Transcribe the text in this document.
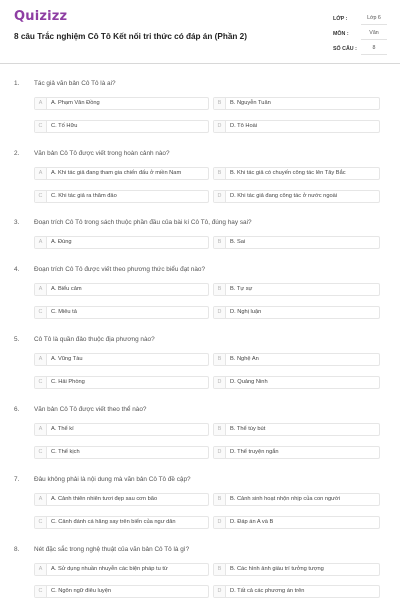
Quizizz
8 câu Trắc nghiệm Cô Tô Kết nối tri thức có đáp án (Phần 2)
LỚP :	Lớp 6
MÔN :	Văn
SỐ CÂU :	8
1. Tác giả văn bản Cô Tô là ai?
A	A. Phạm Văn Đồng	B	B. Nguyễn Tuân
C	C. Tố Hữu	D	D. Tô Hoài
2. Văn bản Cô Tô được viết trong hoàn cảnh nào?
A	A. Khi tác giả đang tham gia chiến đấu ở miền Nam	B	B. Khi tác giả có chuyến công tác lên Tây Bắc
C	C. Khi tác giả ra thăm đảo	D	D. Khi tác giả đang công tác ở nước ngoài
3. Đoạn trích Cô Tô trong sách thuộc phần đầu của bài kí Cô Tô, đúng hay sai?
A	A. Đúng	B	B. Sai
4. Đoạn trích Cô Tô được viết theo phương thức biểu đạt nào?
A	A. Biểu cảm	B	B. Tự sự
C	C. Miêu tả	D	D. Nghị luận
5. Cô Tô là quần đảo thuộc địa phương nào?
A	A. Vũng Tàu	B	B. Nghệ An
C	C. Hải Phòng	D	D. Quảng Ninh
6. Văn bản Cô Tô được viết theo thể nào?
A	A. Thể kí	B	B. Thể tùy bút
C	C. Thể kịch	D	D. Thể truyện ngắn
7. Đâu không phải là nội dung mà văn bản Cô Tô đề cập?
A	A. Cảnh thiên nhiên tươi đẹp sau cơn bão	B	B. Cảnh sinh hoạt nhộn nhịp của con người
C	C. Cảnh đánh cá hăng say trên biển của ngư dân	D	D. Đáp án A và B
8. Nét đặc sắc trong nghệ thuật của văn bản Cô Tô là gì?
A	A. Sử dụng nhuần nhuyễn các biện pháp tu từ	B	B. Các hình ảnh giàu trí tưởng tượng
C	C. Ngôn ngữ điêu luyện	D	D. Tất cả các phương án trên
